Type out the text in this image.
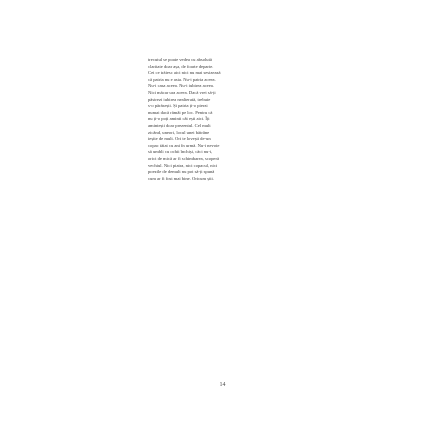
trecutul se poate vedea cu absolută
claritate doar așa, de foarte departe.
Cei ce trăiesc aici nici nu mai sesizează
că patria nu e asta. Nu-i patria aceea.
Nu-i casa aceea. Nu-i iubirea aceea.
Nici măcar ura aceea. Dacă vrei să-ți
păstrezi iubirea nealterată, trebuie
s-o părăsești. Și patria ți-o pierzi
numai dacă rămâi pe loc. Pentru că
nu ți-o poți aminti cât ești aici. Îți
amintești doar prezentul. Cel mult
zicând, uneori, locul unei bătrâne
ieșite de mult. Ori te lovești de-un
copac tăiat cu ani în urmă. Nu-i nevoie
să umbli cu ochii închiși, căci nu-i,
orict de mică ar fi schimbarea, scoperă
vechiul. Nici piatra, nici copacul, nici
poezile de demult nu pot să-ți spună
cum ar fi fost mai bine. Oricum știi.
14
